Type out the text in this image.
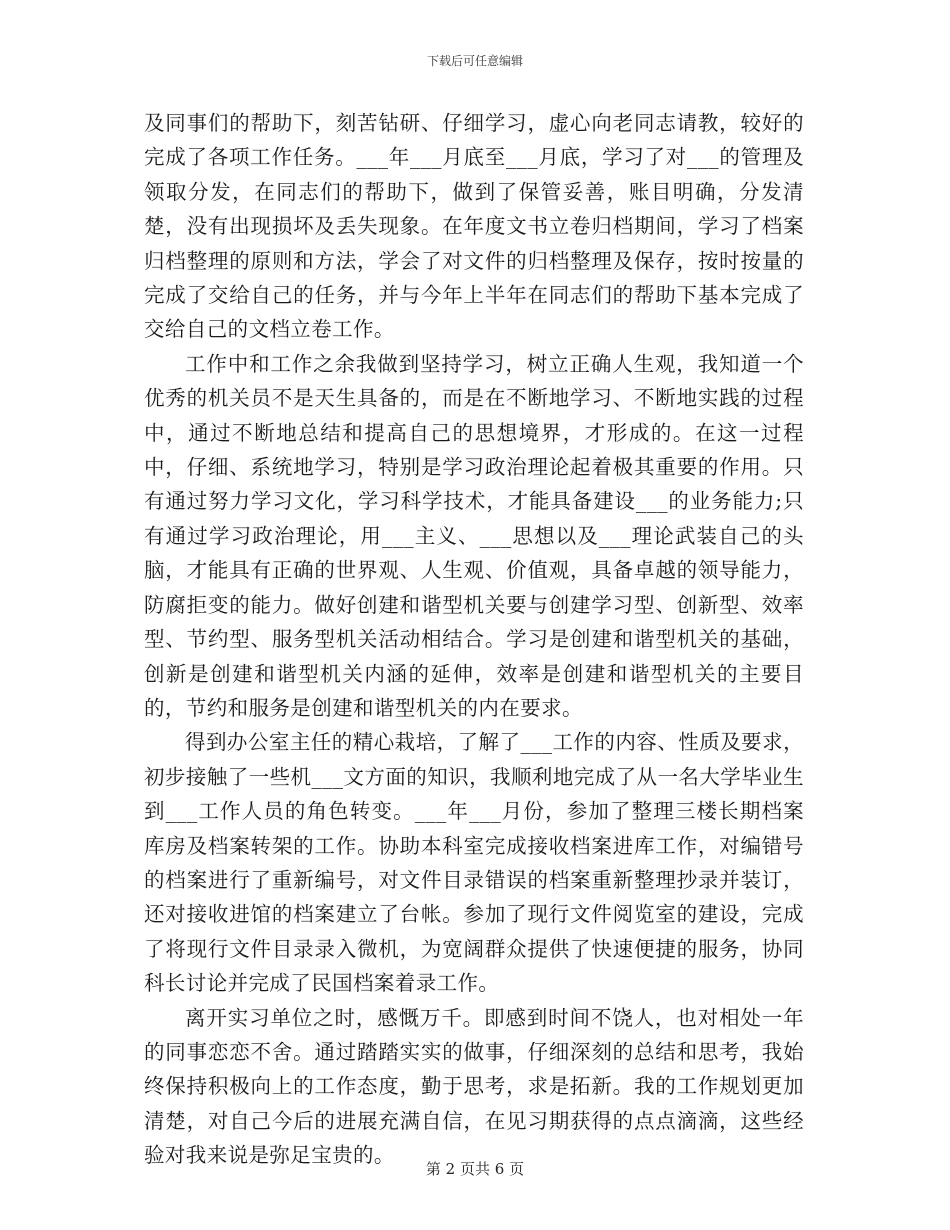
下载后可任意编辑

及同事们的帮助下，刻苦钻研、仔细学习，虚心向老同志请教，较好的完成了各项工作任务。___年___月底至___月底，学习了对___的管理及领取分发，在同志们的帮助下，做到了保管妥善，账目明确，分发清楚，没有出现损坏及丢失现象。在年度文书立卷归档期间，学习了档案归档整理的原则和方法，学会了对文件的归档整理及保存，按时按量的完成了交给自己的任务，并与今年上半年在同志们的帮助下基本完成了交给自己的文档立卷工作。

工作中和工作之余我做到坚持学习，树立正确人生观，我知道一个优秀的机关员不是天生具备的，而是在不断地学习、不断地实践的过程中，通过不断地总结和提高自己的思想境界，才形成的。在这一过程中，仔细、系统地学习，特别是学习政治理论起着极其重要的作用。只有通过努力学习文化，学习科学技术，才能具备建设___的业务能力;只有通过学习政治理论，用___主义、___思想以及___理论武装自己的头脑，才能具有正确的世界观、人生观、价值观，具备卓越的领导能力，防腐拒变的能力。做好创建和谐型机关要与创建学习型、创新型、效率型、节约型、服务型机关活动相结合。学习是创建和谐型机关的基础，创新是创建和谐型机关内涵的延伸，效率是创建和谐型机关的主要目的，节约和服务是创建和谐型机关的内在要求。

得到办公室主任的精心栽培，了解了___工作的内容、性质及要求，初步接触了一些机___文方面的知识，我顺利地完成了从一名大学毕业生到___工作人员的角色转变。___年___月份，参加了整理三楼长期档案库房及档案转架的工作。协助本科室完成接收档案进库工作，对编错号的档案进行了重新编号，对文件目录错误的档案重新整理抄录并装订，还对接收进馆的档案建立了台帐。参加了现行文件阅览室的建设，完成了将现行文件目录录入微机，为宽阔群众提供了快速便捷的服务，协同科长讨论并完成了民国档案着录工作。

离开实习单位之时，感慨万千。即感到时间不饶人，也对相处一年的同事恋恋不舍。通过踏踏实实的做事，仔细深刻的总结和思考，我始终保持积极向上的工作态度，勤于思考，求是拓新。我的工作规划更加清楚，对自己今后的进展充满自信，在见习期获得的点点滴滴，这些经验对我来说是弥足宝贵的。

第 2 页共 6 页
